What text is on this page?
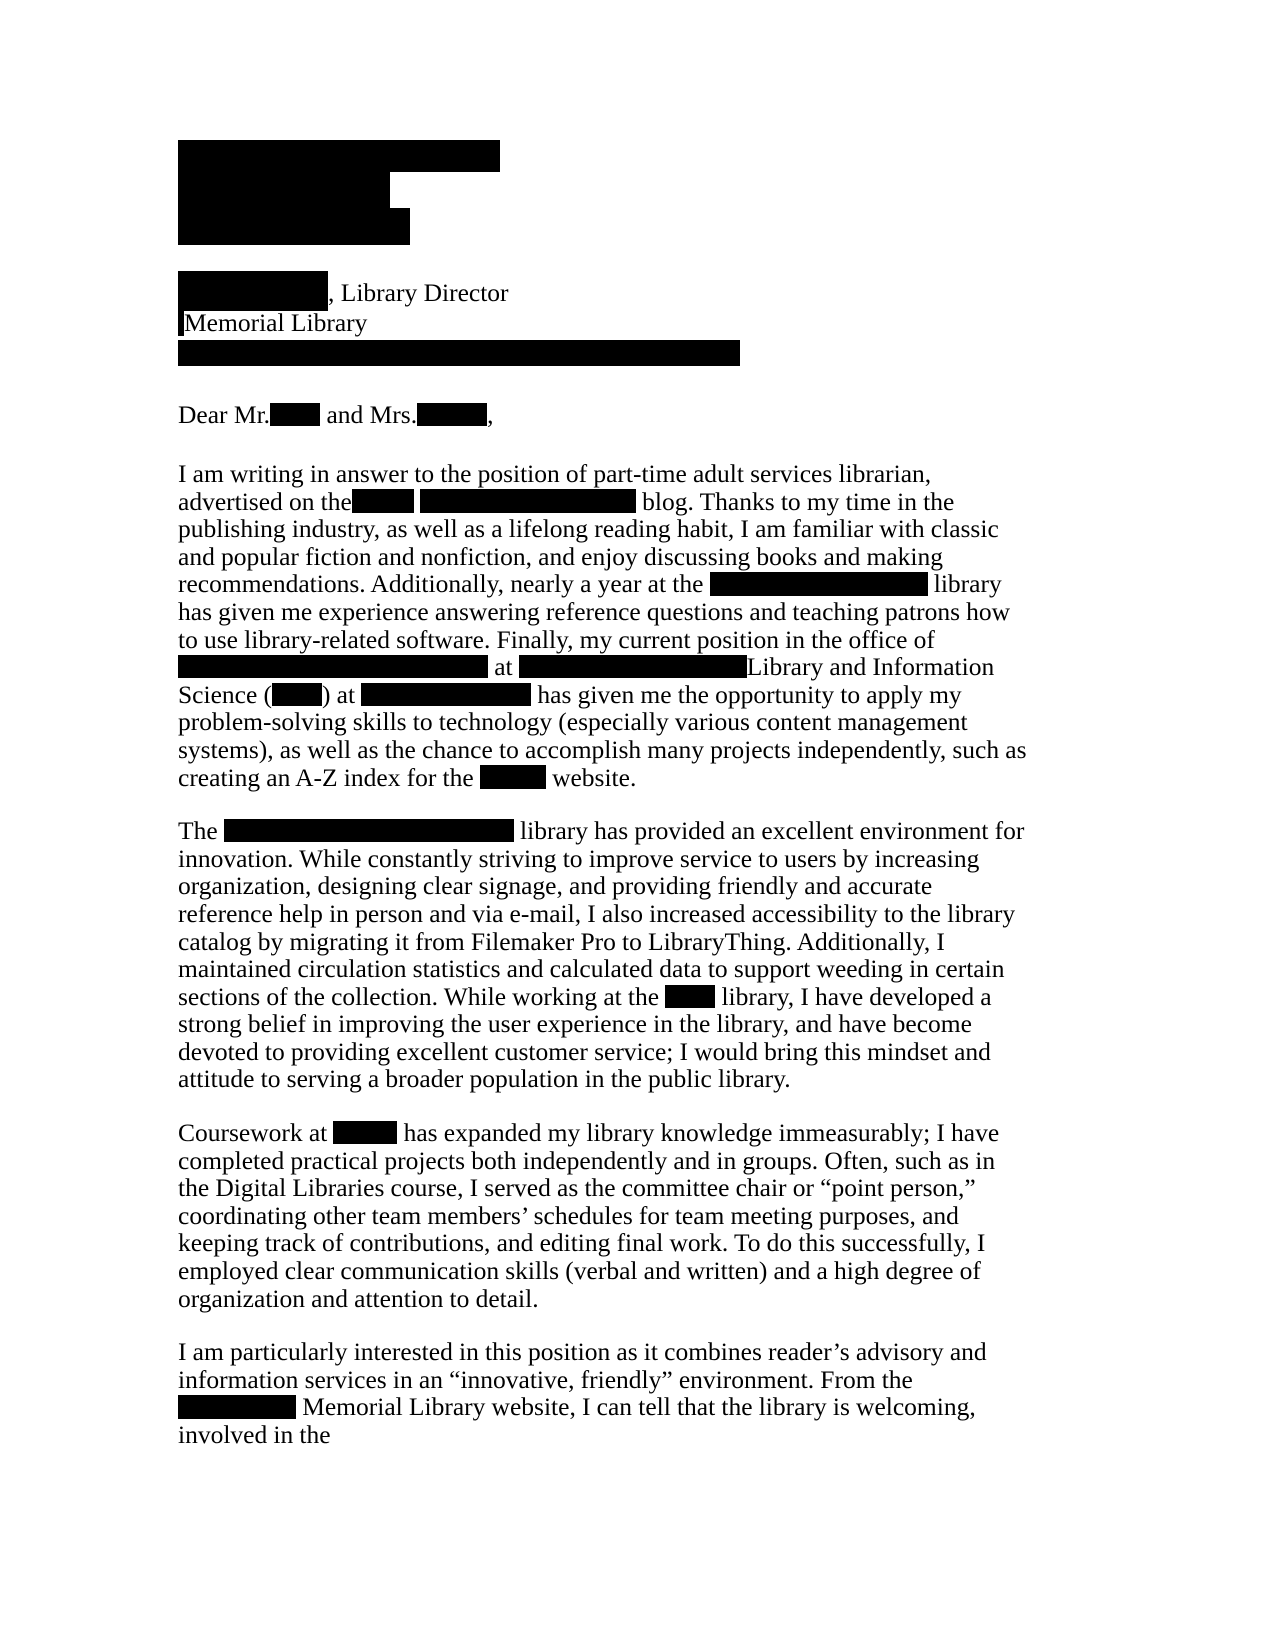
, Library Director
Memorial Library
Dear Mr. and Mrs.	,

I am writing in answer to the position of part-time adult services librarian, advertised on the	blog. Thanks to my time in the publishing industry, as well as a lifelong reading habit, I am familiar with classic and popular fiction and nonfiction, and enjoy discussing books and making recommendations. Additionally, nearly a year at the	library has given me experience answering reference questions and teaching patrons how to use library-related software. Finally, my current position in the office of  at	Library and Information Science ( ) at	has given me the opportunity to apply my problem-solving skills to technology (especially various content management systems), as well as the chance to accomplish many projects independently, such as creating an A-Z index for the	website.

The	library has provided an excellent environment for innovation. While constantly striving to improve service to users by increasing organization, designing clear signage, and providing friendly and accurate reference help in person and via e-mail, I also increased accessibility to the library catalog by migrating it from Filemaker Pro to LibraryThing. Additionally, I maintained circulation statistics and calculated data to support weeding in certain sections of the collection. While working at the library, I have developed a strong belief in improving the user experience in the library, and have become devoted to providing excellent customer service; I would bring this mindset and attitude to serving a broader population in the public library.

Coursework at	has expanded my library knowledge immeasurably; I have completed practical projects both independently and in groups. Often, such as in the Digital Libraries course, I served as the committee chair or “point person,” coordinating other team members’ schedules for team meeting purposes, and keeping track of contributions, and editing final work. To do this successfully, I employed clear communication skills (verbal and written) and a high degree of organization and attention to detail.

I am particularly interested in this position as it combines reader’s advisory and information services in an “innovative, friendly” environment. From the  Memorial Library website, I can tell that the library is welcoming, involved in the
